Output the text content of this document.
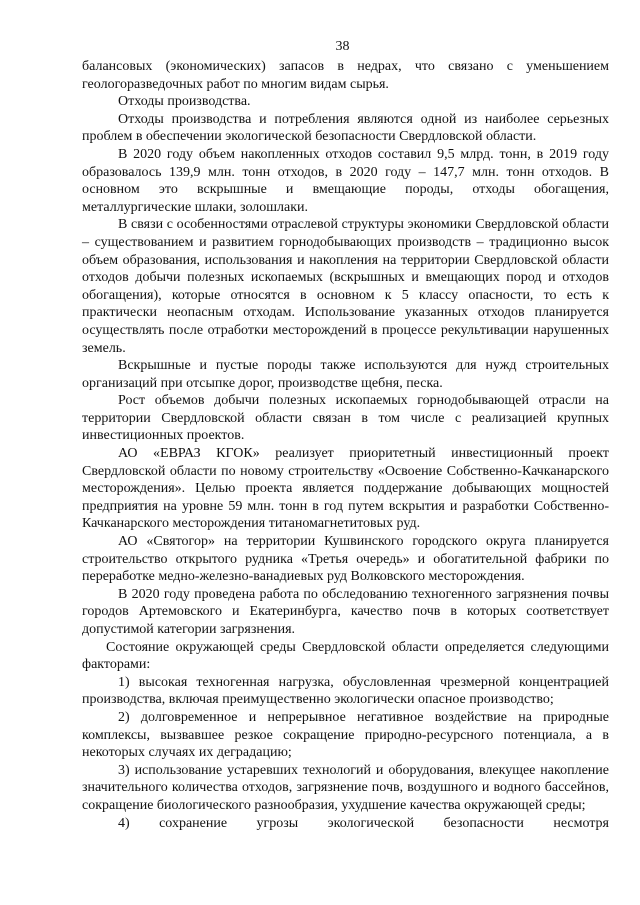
38

балансовых (экономических) запасов в недрах, что связано с уменьшением геологоразведочных работ по многим видам сырья.

Отходы производства.

Отходы производства и потребления являются одной из наиболее серьезных проблем в обеспечении экологической безопасности Свердловской области.

В 2020 году объем накопленных отходов составил 9,5 млрд. тонн, в 2019 году образовалось 139,9 млн. тонн отходов, в 2020 году – 147,7 млн. тонн отходов. В основном это вскрышные и вмещающие породы, отходы обогащения, металлургические шлаки, золошлаки.

В связи с особенностями отраслевой структуры экономики Свердловской области – существованием и развитием горнодобывающих производств – традиционно высок объем образования, использования и накопления на территории Свердловской области отходов добычи полезных ископаемых (вскрышных и вмещающих пород и отходов обогащения), которые относятся в основном к 5 классу опасности, то есть к практически неопасным отходам. Использование указанных отходов планируется осуществлять после отработки месторождений в процессе рекультивации нарушенных земель.

Вскрышные и пустые породы также используются для нужд строительных организаций при отсыпке дорог, производстве щебня, песка.

Рост объемов добычи полезных ископаемых горнодобывающей отрасли на территории Свердловской области связан в том числе с реализацией крупных инвестиционных проектов.

АО «ЕВРАЗ КГОК» реализует приоритетный инвестиционный проект Свердловской области по новому строительству «Освоение Собственно-Качканарского месторождения». Целью проекта является поддержание добывающих мощностей предприятия на уровне 59 млн. тонн в год путем вскрытия и разработки Собственно-Качканарского месторождения титаномагнетитовых руд.

АО «Святогор» на территории Кушвинского городского округа планируется строительство открытого рудника «Третья очередь» и обогатительной фабрики по переработке медно-железно-ванадиевых руд Волковского месторождения.

В 2020 году проведена работа по обследованию техногенного загрязнения почвы городов Артемовского и Екатеринбурга, качество почв в которых соответствует допустимой категории загрязнения.

Состояние окружающей среды Свердловской области определяется следующими факторами:

1) высокая техногенная нагрузка, обусловленная чрезмерной концентрацией производства, включая преимущественно экологически опасное производство;

2) долговременное и непрерывное негативное воздействие на природные комплексы, вызвавшее резкое сокращение природно-ресурсного потенциала, а в некоторых случаях их деградацию;

3) использование устаревших технологий и оборудования, влекущее накопление значительного количества отходов, загрязнение почв, воздушного и водного бассейнов, сокращение биологического разнообразия, ухудшение качества окружающей среды;

4) сохранение угрозы экологической безопасности несмотря
